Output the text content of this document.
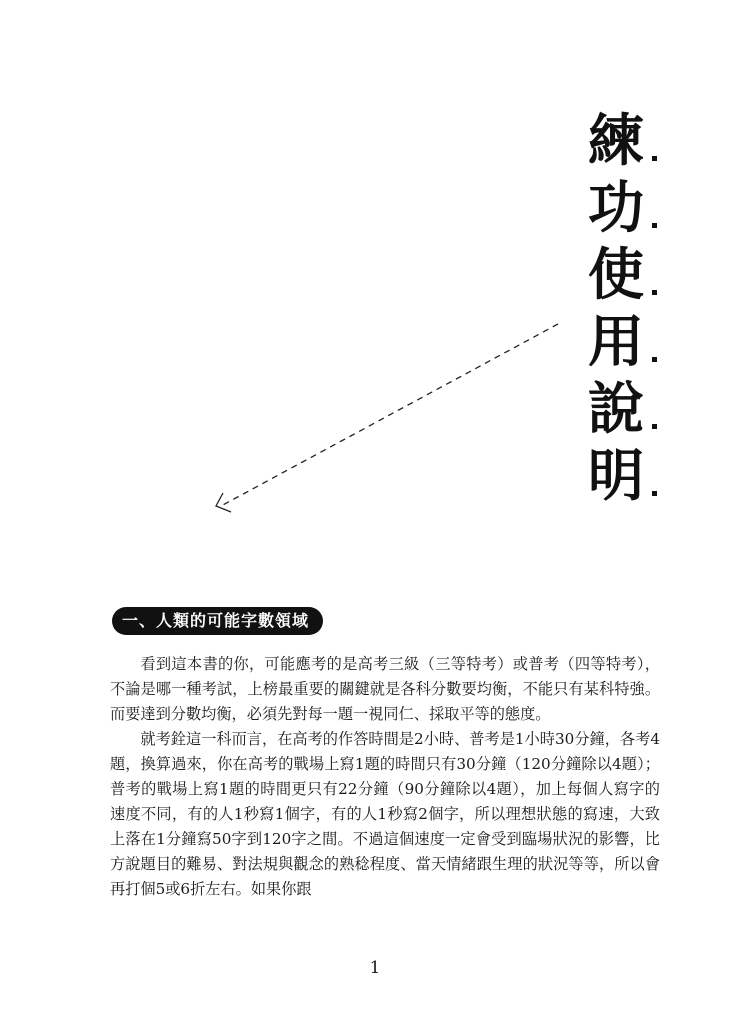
練
功
使
用
說
明
一、人類的可能字數領域

看到這本書的你，可能應考的是高考三級（三等特考）或普考（四等特考），不論是哪一種考試，上榜最重要的關鍵就是各科分數要均衡，不能只有某科特強。而要達到分數均衡，必須先對每一題一視同仁、採取平等的態度。

就考銓這一科而言，在高考的作答時間是2小時、普考是1小時30分鐘，各考4題，換算過來，你在高考的戰場上寫1題的時間只有30分鐘（120分鐘除以4題）；普考的戰場上寫1題的時間更只有22分鐘（90分鐘除以4題），加上每個人寫字的速度不同，有的人1秒寫1個字，有的人1秒寫2個字，所以理想狀態的寫速，大致上落在1分鐘寫50字到120字之間。不過這個速度一定會受到臨場狀況的影響，比方說題目的難易、對法規與觀念的熟稔程度、當天情緒跟生理的狀況等等，所以會再打個5或6折左右。如果你跟

1
